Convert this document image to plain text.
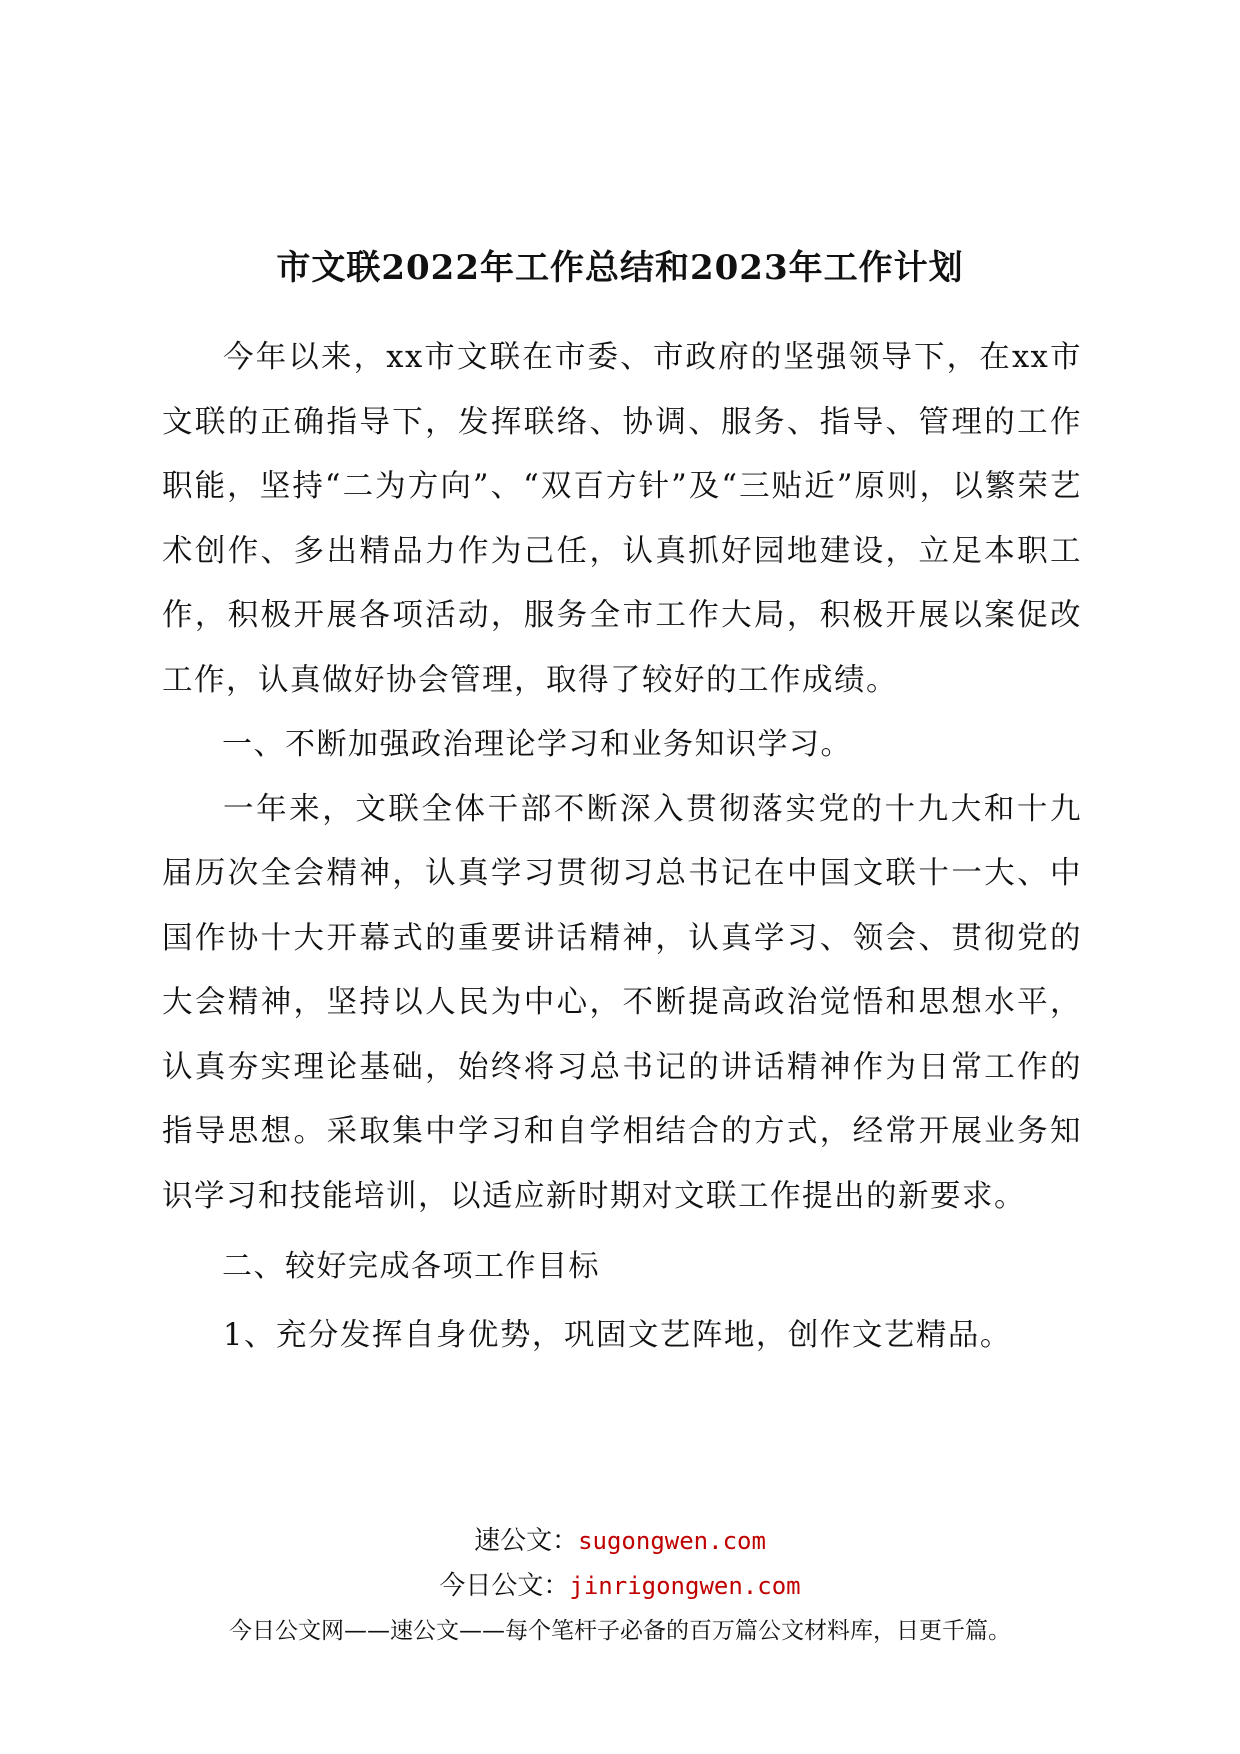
市文联2022年工作总结和2023年工作计划

今年以来，xx市文联在市委、市政府的坚强领导下，在xx市文联的正确指导下，发挥联络、协调、服务、指导、管理的工作职能，坚持“二为方向”、“双百方针”及“三贴近”原则，以繁荣艺术创作、多出精品力作为己任，认真抓好园地建设，立足本职工作，积极开展各项活动，服务全市工作大局，积极开展以案促改工作，认真做好协会管理，取得了较好的工作成绩。

一、不断加强政治理论学习和业务知识学习。

一年来，文联全体干部不断深入贯彻落实党的十九大和十九届历次全会精神，认真学习贯彻习总书记在中国文联十一大、中国作协十大开幕式的重要讲话精神，认真学习、领会、贯彻党的大会精神，坚持以人民为中心，不断提高政治觉悟和思想水平，认真夯实理论基础，始终将习总书记的讲话精神作为日常工作的指导思想。采取集中学习和自学相结合的方式，经常开展业务知识学习和技能培训，以适应新时期对文联工作提出的新要求。

二、较好完成各项工作目标

1、充分发挥自身优势，巩固文艺阵地，创作文艺精品。

速公文：sugongwen.com
今日公文：jinrigongwen.com
今日公文网——速公文——每个笔杆子必备的百万篇公文材料库，日更千篇。
